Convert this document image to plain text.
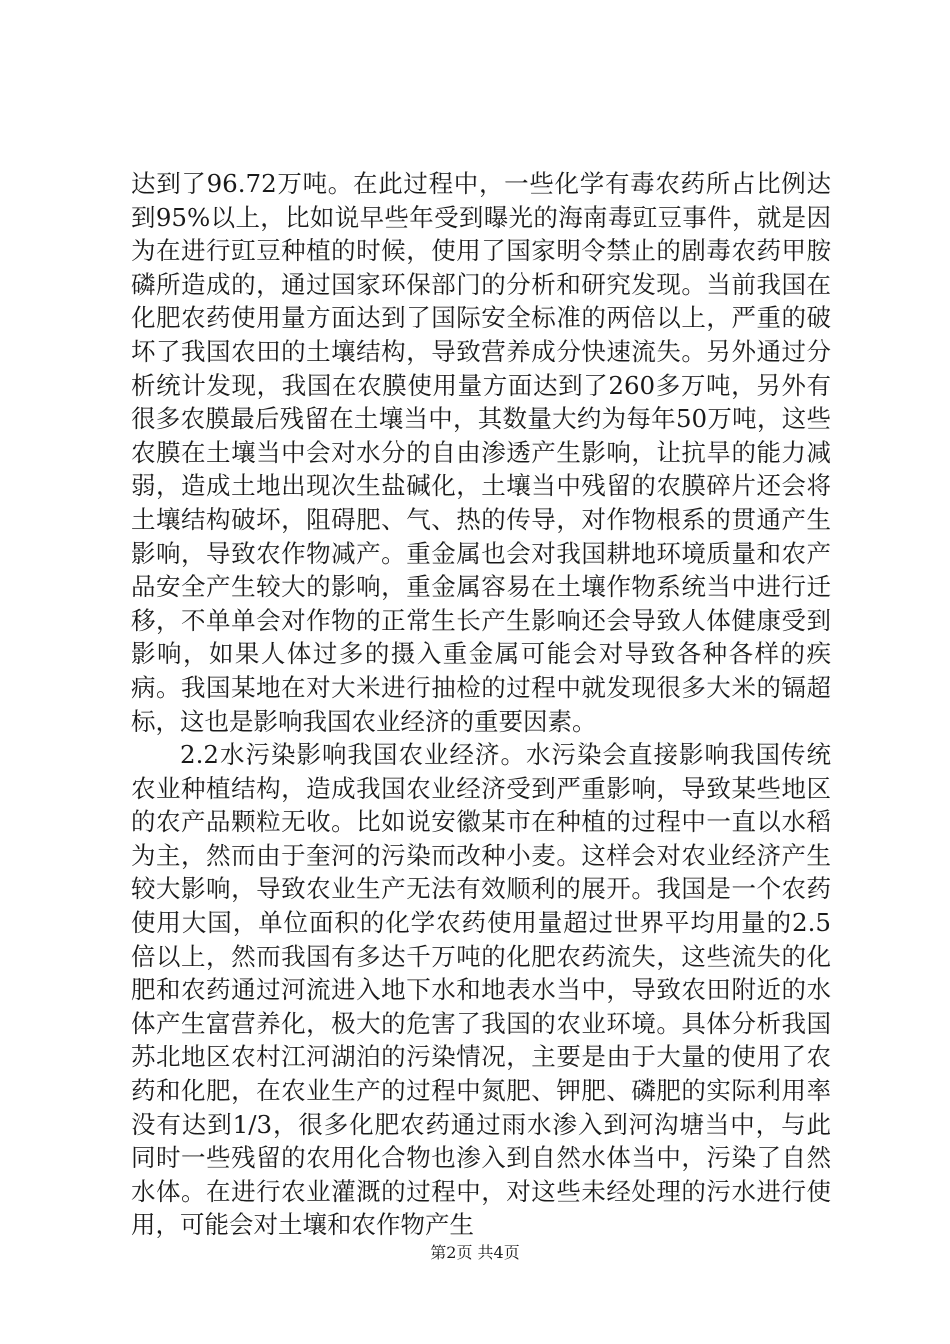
达到了96.72万吨。在此过程中，一些化学有毒农药所占比例达到95%以上，比如说早些年受到曝光的海南毒豇豆事件，就是因为在进行豇豆种植的时候，使用了国家明令禁止的剧毒农药甲胺磷所造成的，通过国家环保部门的分析和研究发现。当前我国在化肥农药使用量方面达到了国际安全标准的两倍以上，严重的破坏了我国农田的土壤结构，导致营养成分快速流失。另外通过分析统计发现，我国在农膜使用量方面达到了260多万吨，另外有很多农膜最后残留在土壤当中，其数量大约为每年50万吨，这些农膜在土壤当中会对水分的自由渗透产生影响，让抗旱的能力减弱，造成土地出现次生盐碱化，土壤当中残留的农膜碎片还会将土壤结构破坏，阻碍肥、气、热的传导，对作物根系的贯通产生影响，导致农作物减产。重金属也会对我国耕地环境质量和农产品安全产生较大的影响，重金属容易在土壤作物系统当中进行迁移，不单单会对作物的正常生长产生影响还会导致人体健康受到影响，如果人体过多的摄入重金属可能会对导致各种各样的疾病。我国某地在对大米进行抽检的过程中就发现很多大米的镉超标，这也是影响我国农业经济的重要因素。

2.2水污染影响我国农业经济。水污染会直接影响我国传统农业种植结构，造成我国农业经济受到严重影响，导致某些地区的农产品颗粒无收。比如说安徽某市在种植的过程中一直以水稻为主，然而由于奎河的污染而改种小麦。这样会对农业经济产生较大影响，导致农业生产无法有效顺利的展开。我国是一个农药使用大国，单位面积的化学农药使用量超过世界平均用量的2.5倍以上，然而我国有多达千万吨的化肥农药流失，这些流失的化肥和农药通过河流进入地下水和地表水当中，导致农田附近的水体产生富营养化，极大的危害了我国的农业环境。具体分析我国苏北地区农村江河湖泊的污染情况，主要是由于大量的使用了农药和化肥，在农业生产的过程中氮肥、钾肥、磷肥的实际利用率没有达到1/3，很多化肥农药通过雨水渗入到河沟塘当中，与此同时一些残留的农用化合物也渗入到自然水体当中，污染了自然水体。在进行农业灌溉的过程中，对这些未经处理的污水进行使用，可能会对土壤和农作物产生

第2页 共4页
